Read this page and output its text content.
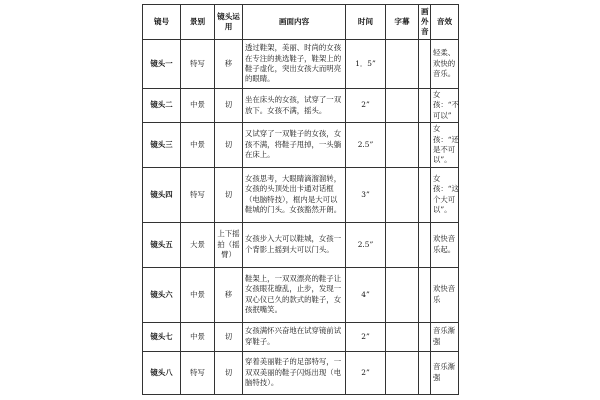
镜号	景别	镜头运用	画面内容	时间	字幕	画外音	音效
镜头一	特写	移	透过鞋架，美丽、时尚的女孩在专注的挑选鞋子，鞋架上的鞋子虚化，突出女孩大而明亮的眼睛。	1．5”			轻柔、欢快的音乐。
镜头二	中景	切	坐在床头的女孩，试穿了一双放下。女孩不满，摇头。	2”			女孩：“不可以”
镜头三	中景	切	又试穿了一双鞋子的女孩，女孩不满，将鞋子甩掉，一头躺在床上。	2.5”			女孩：“还是不可以”。
镜头四	特写	切	女孩思考，大眼睛滴溜溜转，女孩的头顶处出卡通对话框（电脑特技），框内是大可以鞋城的门头。女孩豁然开朗。	3”			女孩：“这个大可以”。
镜头五	大景	上下摇拍（摇臂）	女孩步入大可以鞋城，女孩一个背影上摇到大可以门头。	2.5”			欢快音乐起。
镜头六	中景	移	鞋架上，一双双漂亮的鞋子让女孩眼花缭乱，止步，发现一双心仪已久的款式的鞋子，女孩抿嘴笑。	4”			欢快音乐
镜头七	中景	切	女孩满怀兴奋地在试穿镜前试穿鞋子。	2”			音乐渐强
镜头八	特写	切	穿着美丽鞋子的足部特写，一双双美丽的鞋子闪烁出现（电脑特技）。	2”			音乐渐强
